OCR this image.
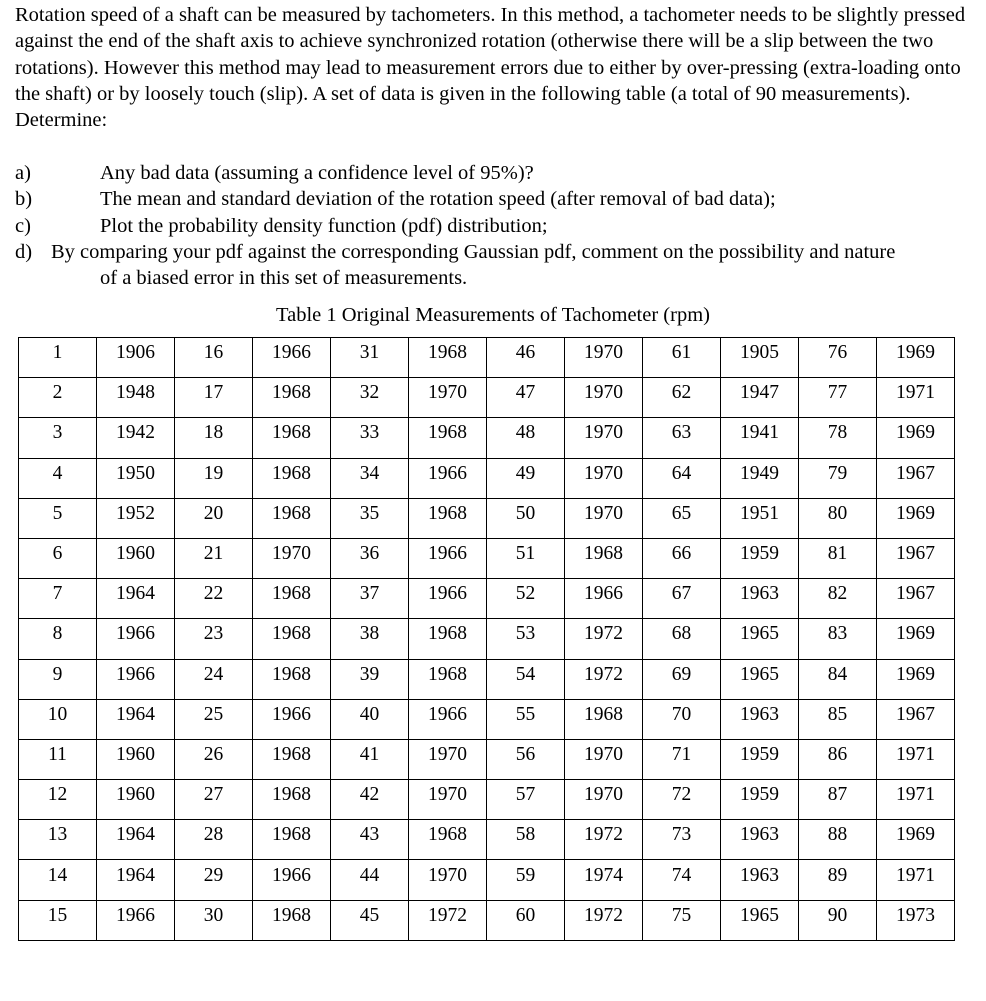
Rotation speed of a shaft can be measured by tachometers. In this method, a tachometer needs to be slightly pressed against the end of the shaft axis to achieve synchronized rotation (otherwise there will be a slip between the two rotations). However this method may lead to measurement errors due to either by over-pressing (extra-loading onto the shaft) or by loosely touch (slip). A set of data is given in the following table (a total of 90 measurements). Determine:

a)	Any bad data (assuming a confidence level of 95%)?
b)	The mean and standard deviation of the rotation speed (after removal of bad data);
c)	Plot the probability density function (pdf) distribution;
d) By comparing your pdf against the corresponding Gaussian pdf, comment on the possibility and nature
of a biased error in this set of measurements.
Table 1 Original Measurements of Tachometer (rpm)
1	1906	16	1966	31	1968	46	1970	61	1905	76	1969
2	1948	17	1968	32	1970	47	1970	62	1947	77	1971
3	1942	18	1968	33	1968	48	1970	63	1941	78	1969
4	1950	19	1968	34	1966	49	1970	64	1949	79	1967
5	1952	20	1968	35	1968	50	1970	65	1951	80	1969
6	1960	21	1970	36	1966	51	1968	66	1959	81	1967
7	1964	22	1968	37	1966	52	1966	67	1963	82	1967
8	1966	23	1968	38	1968	53	1972	68	1965	83	1969
9	1966	24	1968	39	1968	54	1972	69	1965	84	1969
10	1964	25	1966	40	1966	55	1968	70	1963	85	1967
11	1960	26	1968	41	1970	56	1970	71	1959	86	1971
12	1960	27	1968	42	1970	57	1970	72	1959	87	1971
13	1964	28	1968	43	1968	58	1972	73	1963	88	1969
14	1964	29	1966	44	1970	59	1974	74	1963	89	1971
15	1966	30	1968	45	1972	60	1972	75	1965	90	1973
